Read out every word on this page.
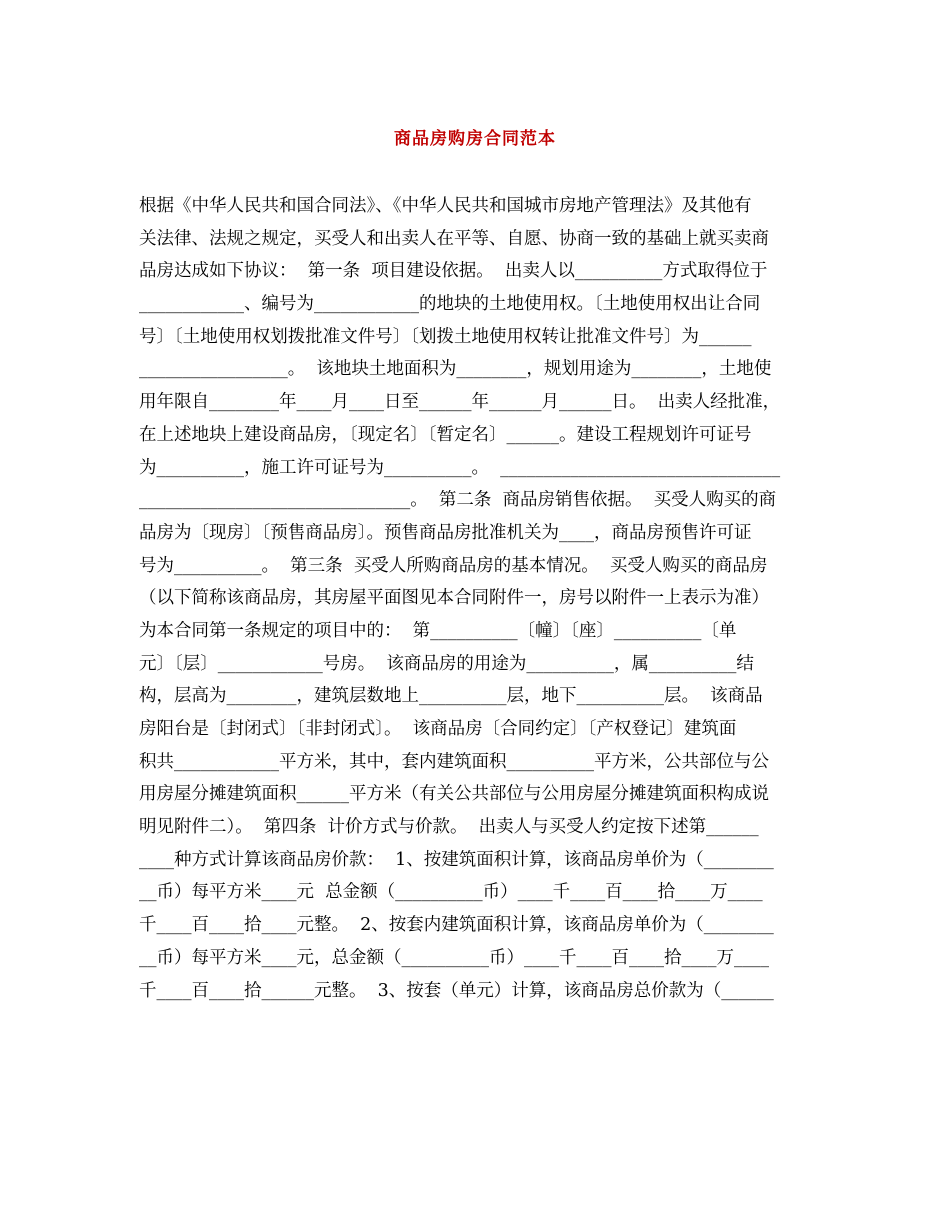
商品房购房合同范本
根据《中华人民共和国合同法》、《中华人民共和国城市房地产管理法》及其他有
关法律、法规之规定，买受人和出卖人在平等、自愿、协商一致的基础上就买卖商
品房达成如下协议：  第一条  项目建设依据。  出卖人以__________方式取得位于
____________、编号为____________的地块的土地使用权。〔土地使用权出让合同
号〕〔土地使用权划拨批准文件号〕〔划拨土地使用权转让批准文件号〕为______
_________________。  该地块土地面积为________，规划用途为________，土地使
用年限自________年____月____日至______年______月______日。  出卖人经批准，
在上述地块上建设商品房，〔现定名〕〔暂定名〕______。建设工程规划许可证号
为__________，施工许可证号为__________。  ________________________________
_______________________________。  第二条  商品房销售依据。  买受人购买的商
品房为〔现房〕〔预售商品房〕。预售商品房批准机关为____，商品房预售许可证
号为__________。  第三条  买受人所购商品房的基本情况。  买受人购买的商品房
（以下简称该商品房，其房屋平面图见本合同附件一，房号以附件一上表示为准）
为本合同第一条规定的项目中的：  第__________〔幢〕〔座〕__________〔单
元〕〔层〕____________号房。  该商品房的用途为__________，属__________结
构，层高为________，建筑层数地上__________层，地下__________层。  该商品
房阳台是〔封闭式〕〔非封闭式〕。  该商品房〔合同约定〕〔产权登记〕建筑面
积共____________平方米，其中，套内建筑面积__________平方米，公共部位与公
用房屋分摊建筑面积______平方米（有关公共部位与公用房屋分摊建筑面积构成说
明见附件二）。  第四条  计价方式与价款。  出卖人与买受人约定按下述第______
____种方式计算该商品房价款：  1、按建筑面积计算，该商品房单价为（________
__币）每平方米____元  总金额（__________币）____千____百____拾____万____
千____百____拾____元整。  2、按套内建筑面积计算，该商品房单价为（________
__币）每平方米____元，总金额（__________币）____千____百____拾____万____
千____百____拾______元整。  3、按套（单元）计算，该商品房总价款为（______
